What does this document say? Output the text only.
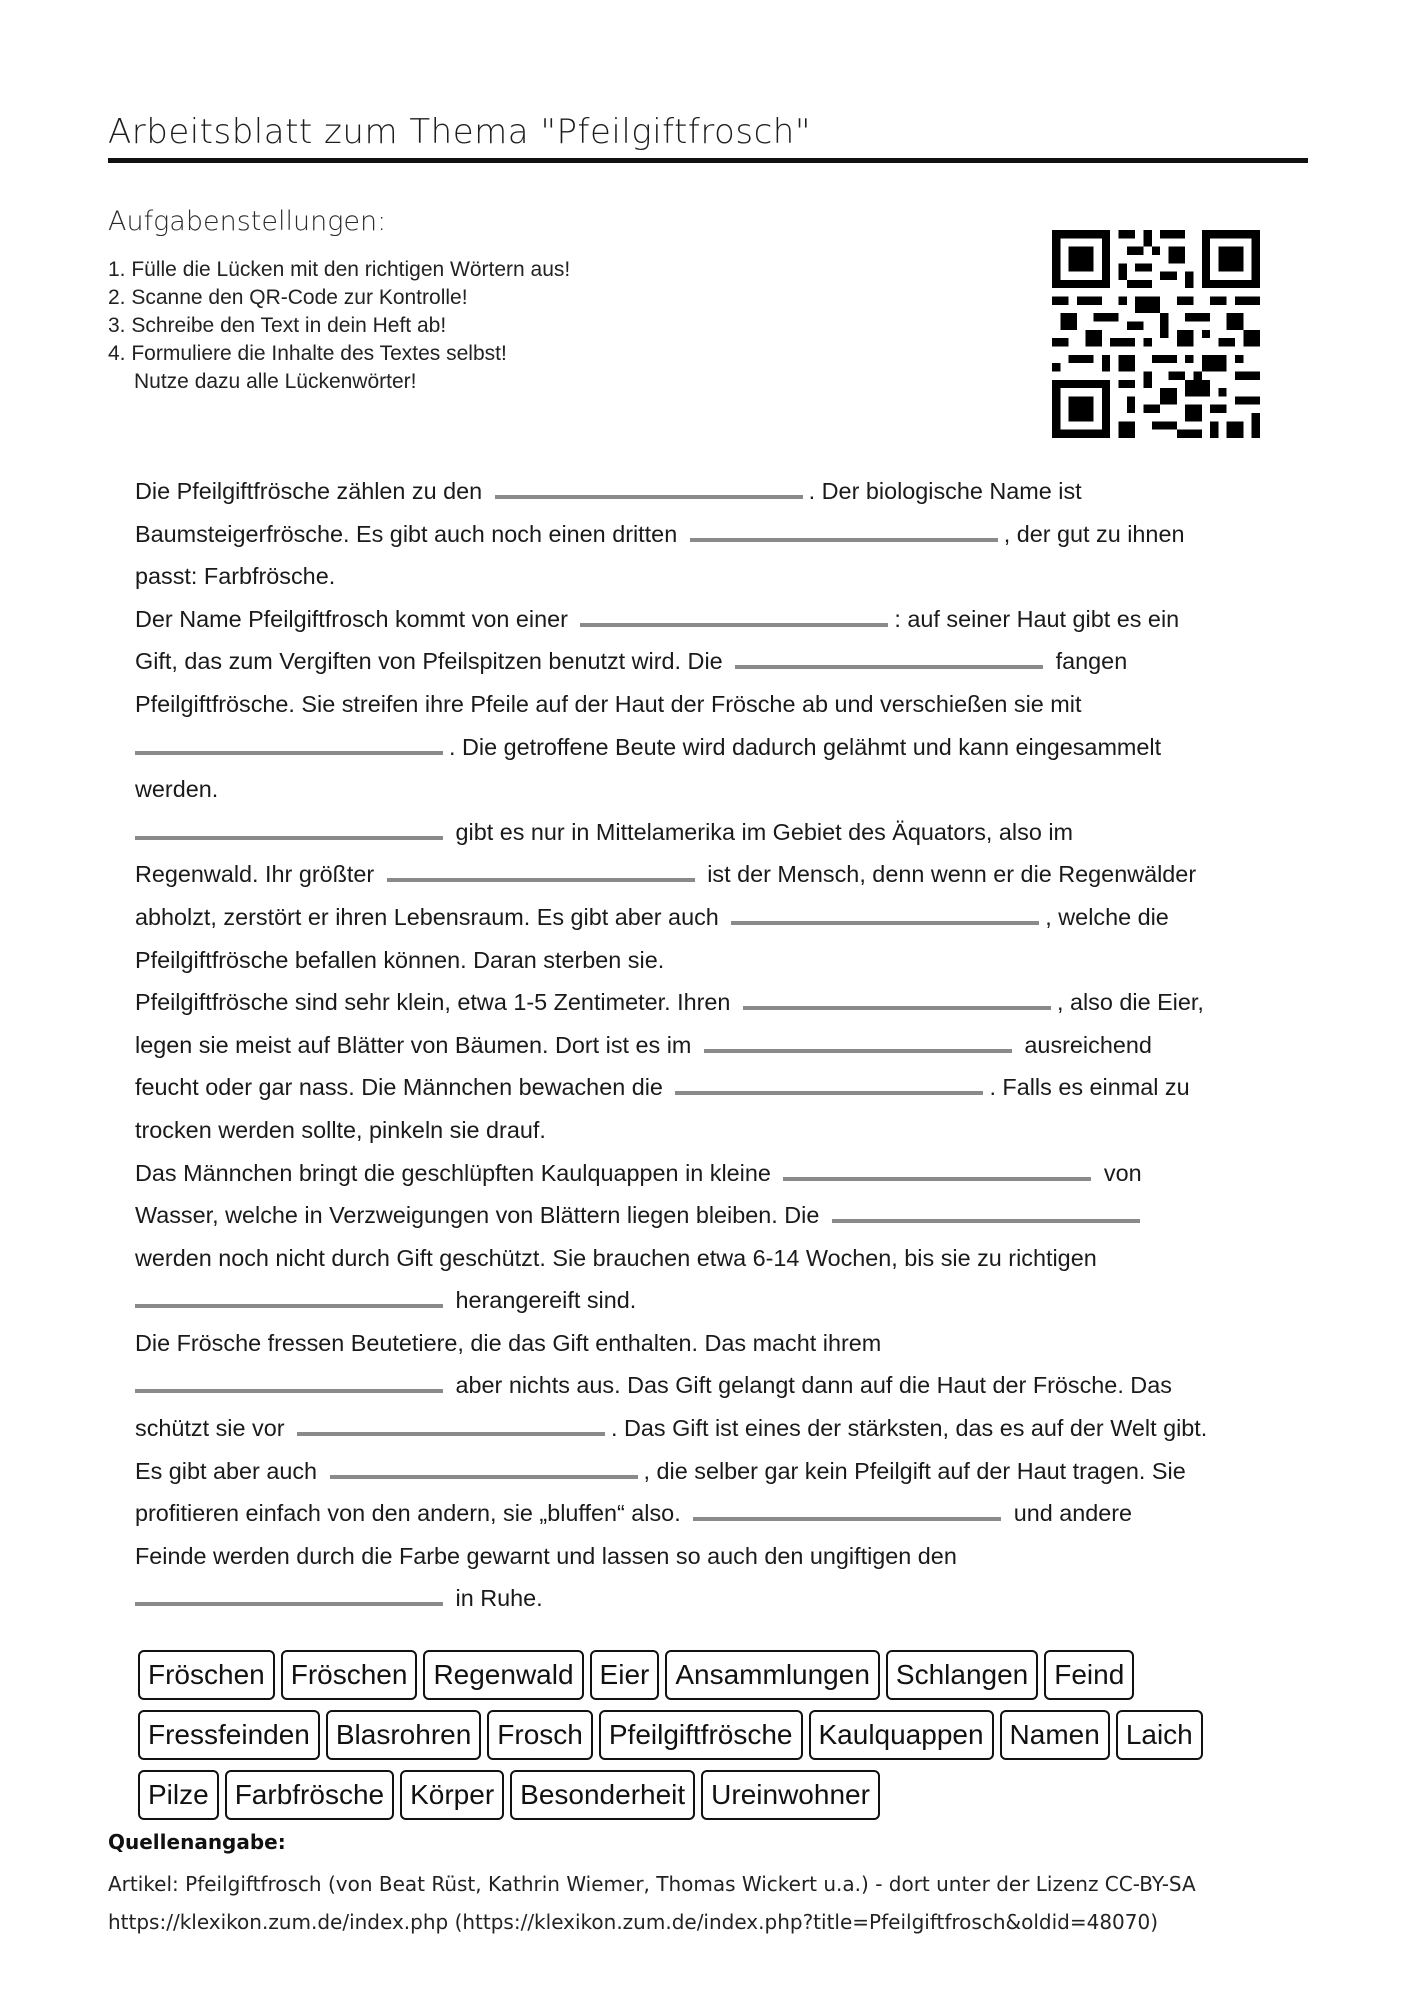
Arbeitsblatt zum Thema "Pfeilgiftfrosch"
Aufgabenstellungen:
1. Fülle die Lücken mit den richtigen Wörtern aus!
2. Scanne den QR-Code zur Kontrolle!
3. Schreibe den Text in dein Heft ab!
4. Formuliere die Inhalte des Textes selbst!
Nutze dazu alle Lückenwörter!

Die Pfeilgiftfrösche zählen zu den	. Der biologische Name ist

Baumsteigerfrösche. Es gibt auch noch einen dritten	, der gut zu ihnen

passt: Farbfrösche.

Der Name Pfeilgiftfrosch kommt von einer	: auf seiner Haut gibt es ein

Gift, das zum Vergiften von Pfeilspitzen benutzt wird. Die	fangen

Pfeilgiftfrösche. Sie streifen ihre Pfeile auf der Haut der Frösche ab und verschießen sie mit

. Die getroffene Beute wird dadurch gelähmt und kann eingesammelt

werden.

gibt es nur in Mittelamerika im Gebiet des Äquators, also im

Regenwald. Ihr größter	ist der Mensch, denn wenn er die Regenwälder

abholzt, zerstört er ihren Lebensraum. Es gibt aber auch	, welche die

Pfeilgiftfrösche befallen können. Daran sterben sie.

Pfeilgiftfrösche sind sehr klein, etwa 1-5 Zentimeter. Ihren	, also die Eier,

legen sie meist auf Blätter von Bäumen. Dort ist es im	ausreichend

feucht oder gar nass. Die Männchen bewachen die	. Falls es einmal zu

trocken werden sollte, pinkeln sie drauf.

Das Männchen bringt die geschlüpften Kaulquappen in kleine	von

Wasser, welche in Verzweigungen von Blättern liegen bleiben. Die

werden noch nicht durch Gift geschützt. Sie brauchen etwa 6-14 Wochen, bis sie zu richtigen

herangereift sind.

Die Frösche fressen Beutetiere, die das Gift enthalten. Das macht ihrem

aber nichts aus. Das Gift gelangt dann auf die Haut der Frösche. Das

schützt sie vor	. Das Gift ist eines der stärksten, das es auf der Welt gibt.

Es gibt aber auch	, die selber gar kein Pfeilgift auf der Haut tragen. Sie

profitieren einfach von den andern, sie „bluffen“ also.	und andere

Feinde werden durch die Farbe gewarnt und lassen so auch den ungiftigen den

in Ruhe.

Fröschen Fröschen Regenwald Eier Ansammlungen Schlangen Feind
Fressfeinden Blasrohren Frosch Pfeilgiftfrösche Kaulquappen Namen Laich
Pilze Farbfrösche Körper Besonderheit Ureinwohner

Quellenangabe:

Artikel: Pfeilgiftfrosch (von Beat Rüst, Kathrin Wiemer, Thomas Wickert u.a.) - dort unter der Lizenz CC-BY-SA

https://klexikon.zum.de/index.php (https://klexikon.zum.de/index.php?title=Pfeilgiftfrosch&oldid=48070)
